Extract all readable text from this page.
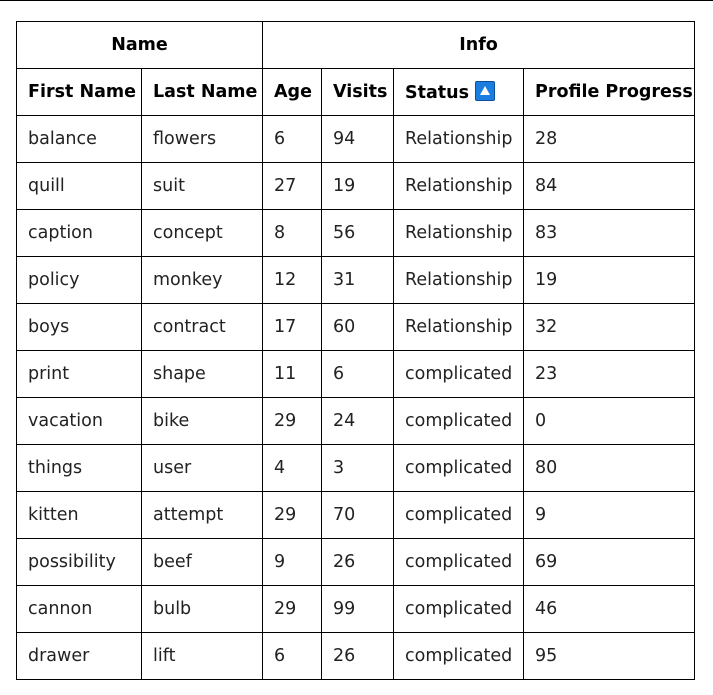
Name		Info			
First Name	Last Name	Age	Visits	Status	Profile Progress
balance	flowers	6	94	Relationship	28
quill	suit	27	19	Relationship	84
caption	concept	8	56	Relationship	83
policy	monkey	12	31	Relationship	19
boys	contract	17	60	Relationship	32
print	shape	11	6	complicated	23
vacation	bike	29	24	complicated	0
things	user	4	3	complicated	80
kitten	attempt	29	70	complicated	9
possibility	beef	9	26	complicated	69
cannon	bulb	29	99	complicated	46
drawer	lift	6	26	complicated	95
